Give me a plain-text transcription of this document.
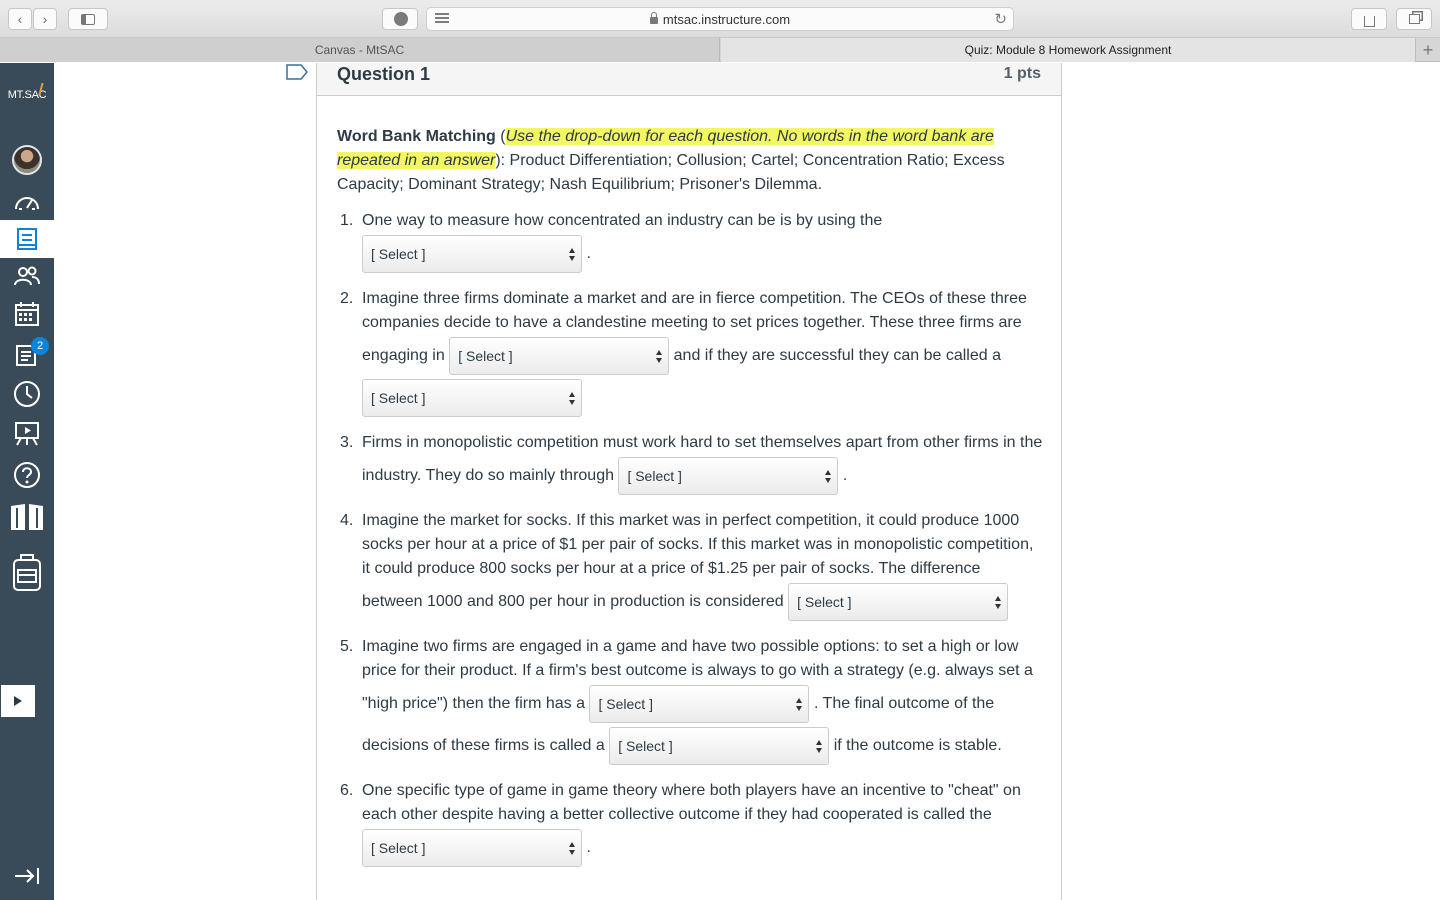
‹	›	mtsac.instructure.com	↻
Canvas - MtSAC	Quiz: Module 8 Homework Assignment	+
MT.SAC
2
Question 1	1 pts

Word Bank Matching (Use the drop-down for each question. No words in the word bank are repeated in an answer): Product Differentiation; Collusion; Cartel; Concentration Ratio; Excess Capacity; Dominant Strategy; Nash Equilibrium; Prisoner's Dilemma.

1. One way to measure how concentrated an industry can be is by using the
[ Select ]	.
2. Imagine three firms dominate a market and are in fierce competition. The CEOs of these three companies decide to have a clandestine meeting to set prices together. These three firms are engaging in [ Select ]	and if they are successful they can be called a
[ Select ]
3. Firms in monopolistic competition must work hard to set themselves apart from other firms in the industry. They do so mainly through [ Select ]	.
4. Imagine the market for socks. If this market was in perfect competition, it could produce 1000 socks per hour at a price of $1 per pair of socks. If this market was in monopolistic competition, it could produce 800 socks per hour at a price of $1.25 per pair of socks. The difference between 1000 and 800 per hour in production is considered [ Select ]
5. Imagine two firms are engaged in a game and have two possible options: to set a high or low price for their product. If a firm's best outcome is always to go with a strategy (e.g. always set a "high price") then the firm has a [ Select ]	. The final outcome of the decisions of these firms is called a [ Select ]	if the outcome is stable.
6. One specific type of game in game theory where both players have an incentive to "cheat" on each other despite having a better collective outcome if they had cooperated is called the
[ Select ]	.
